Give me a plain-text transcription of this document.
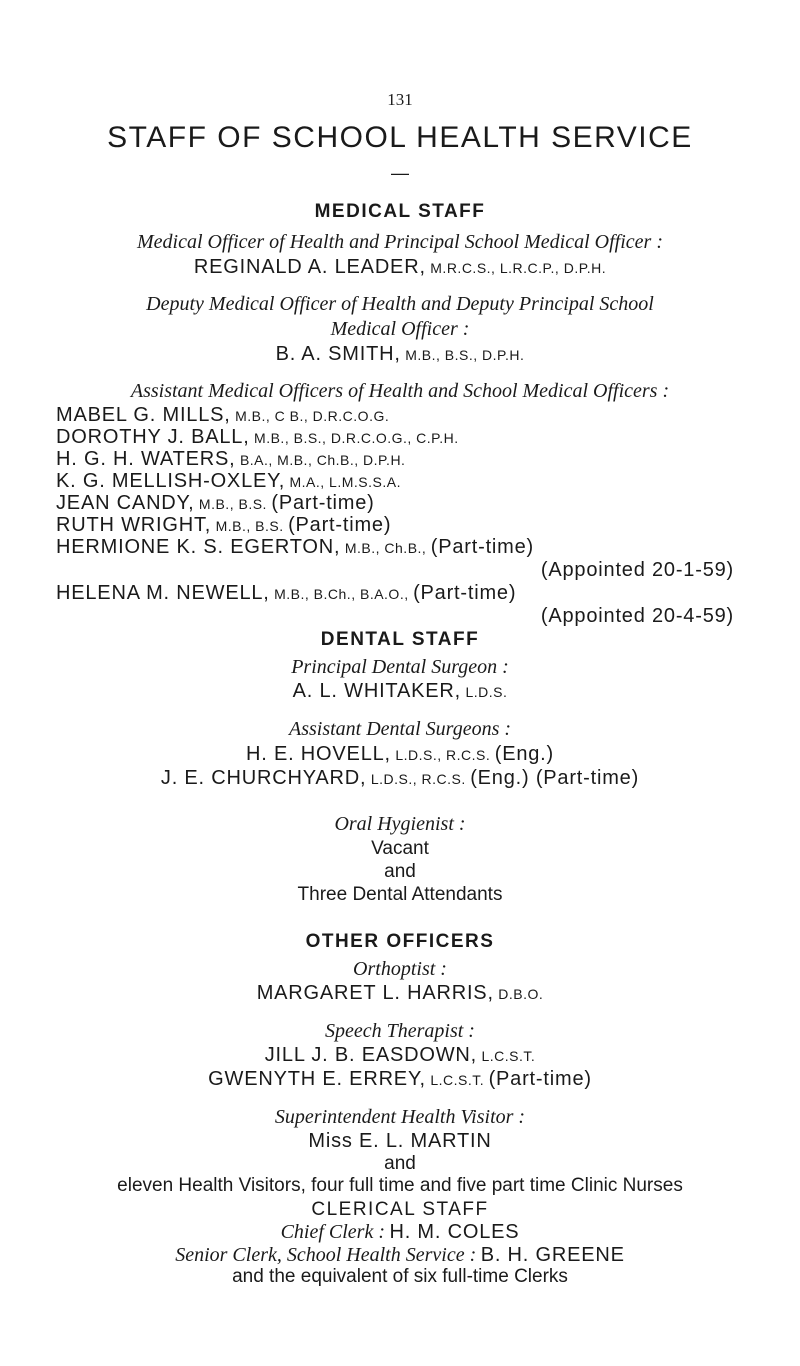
131
STAFF OF SCHOOL HEALTH SERVICE
—
MEDICAL STAFF
Medical Officer of Health and Principal School Medical Officer :
REGINALD A. LEADER, M.R.C.S., L.R.C.P., D.P.H.
Deputy Medical Officer of Health and Deputy Principal School
Medical Officer :
B. A. SMITH, M.B., B.S., D.P.H.
Assistant Medical Officers of Health and School Medical Officers :
MABEL G. MILLS, M.B., C B., D.R.C.O.G.
DOROTHY J. BALL, M.B., B.S., D.R.C.O.G., C.P.H.
H. G. H. WATERS, B.A., M.B., Ch.B., D.P.H.
K. G. MELLISH-OXLEY, M.A., L.M.S.S.A.
JEAN CANDY, M.B., B.S. (Part-time)
RUTH WRIGHT, M.B., B.S. (Part-time)
HERMIONE K. S. EGERTON, M.B., Ch.B., (Part-time)
(Appointed 20-1-59)
HELENA M. NEWELL, M.B., B.Ch., B.A.O., (Part-time)
(Appointed 20-4-59)
DENTAL STAFF
Principal Dental Surgeon :
A. L. WHITAKER, L.D.S.
Assistant Dental Surgeons :
H. E. HOVELL, L.D.S., R.C.S. (Eng.)
J. E. CHURCHYARD, L.D.S., R.C.S. (Eng.) (Part-time)
Oral Hygienist :
Vacant
and
Three Dental Attendants
OTHER OFFICERS
Orthoptist :
MARGARET L. HARRIS, D.B.O.
Speech Therapist :
JILL J. B. EASDOWN, L.C.S.T.
GWENYTH E. ERREY, L.C.S.T. (Part-time)
Superintendent Health Visitor :
Miss E. L. MARTIN
and
eleven Health Visitors, four full time and five part time Clinic Nurses
CLERICAL STAFF
Chief Clerk : H. M. COLES
Senior Clerk, School Health Service : B. H. GREENE
and the equivalent of six full-time Clerks
